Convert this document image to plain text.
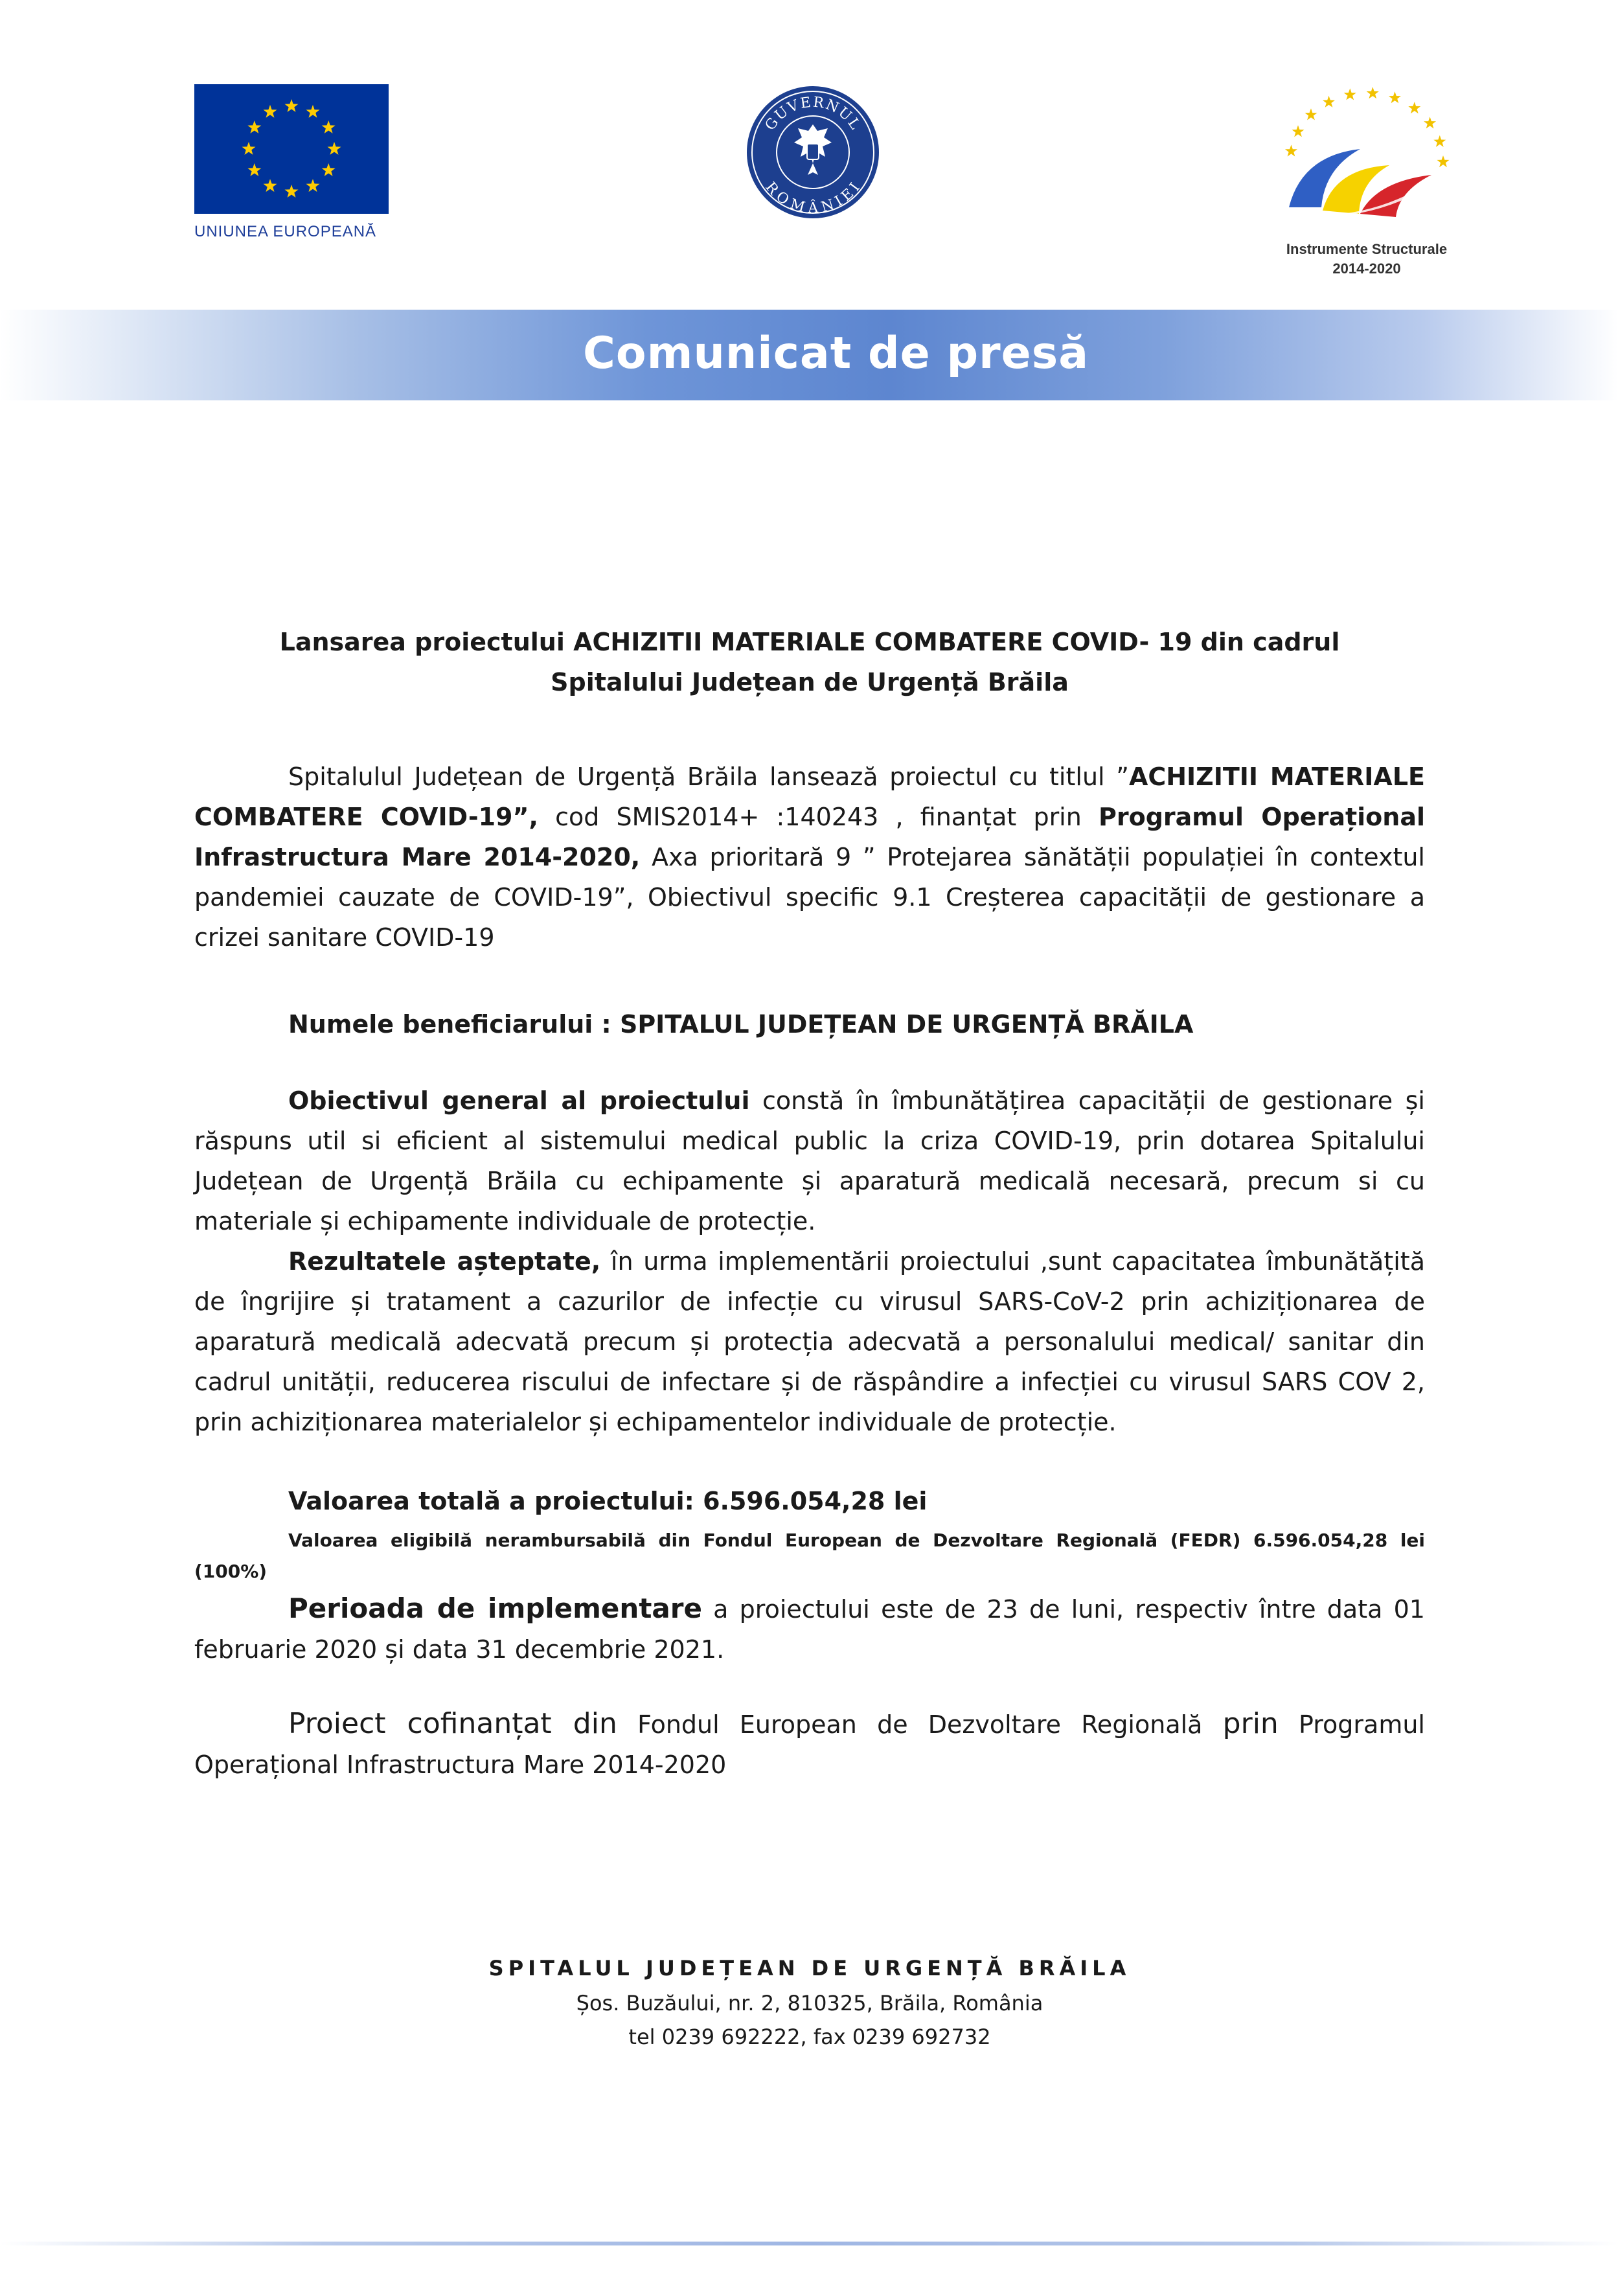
UNIUNEA EUROPEANĂ
GUVERNUL
ROMÂNIEI
Instrumente Structurale
2014-2020
Comunicat de presă
Lansarea proiectului ACHIZITII MATERIALE COMBATERE COVID- 19 din cadrul
Spitalului Județean de Urgență Brăila
Spitalulul Județean de Urgență Brăila lansează proiectul cu titlul ”ACHIZITII MATERIALE COMBATERE COVID-19”, cod SMIS2014+ :140243 , finanțat prin Programul Operațional Infrastructura Mare 2014-2020, Axa prioritară 9 ” Protejarea sănătății populației în contextul pandemiei cauzate de COVID-19”, Obiectivul specific 9.1 Creșterea capacității de gestionare a crizei sanitare COVID-19
Numele beneficiarului : SPITALUL JUDEȚEAN DE URGENȚĂ BRĂILA
Obiectivul general al proiectului constă în îmbunătățirea capacității de gestionare și răspuns util si eficient al sistemului medical public la criza COVID-19, prin dotarea Spitalului Județean de Urgență Brăila cu echipamente și aparatură medicală necesară, precum si cu materiale și echipamente individuale de protecție.
Rezultatele așteptate, în urma implementării proiectului ,sunt capacitatea îmbunătățită de îngrijire și tratament a cazurilor de infecție cu virusul SARS-CoV-2 prin achiziționarea de aparatură medicală adecvată precum și protecția adecvată a personalului medical/ sanitar din cadrul unității, reducerea riscului de infectare și de răspândire a infecției cu virusul SARS COV 2, prin achiziționarea materialelor și echipamentelor individuale de protecție.
Valoarea totală a proiectului: 6.596.054,28 lei
Valoarea eligibilă nerambursabilă din Fondul European de Dezvoltare Regională (FEDR) 6.596.054,28 lei (100%)
Perioada de implementare a proiectului este de 23 de luni, respectiv între data 01 februarie 2020 și data 31 decembrie 2021.
Proiect cofinanțat din Fondul European de Dezvoltare Regională prin Programul Operațional Infrastructura Mare 2014-2020
SPITALUL JUDEȚEAN DE URGENȚĂ BRĂILA
Șos. Buzăului, nr. 2, 810325, Brăila, România
tel 0239 692222, fax 0239 692732
